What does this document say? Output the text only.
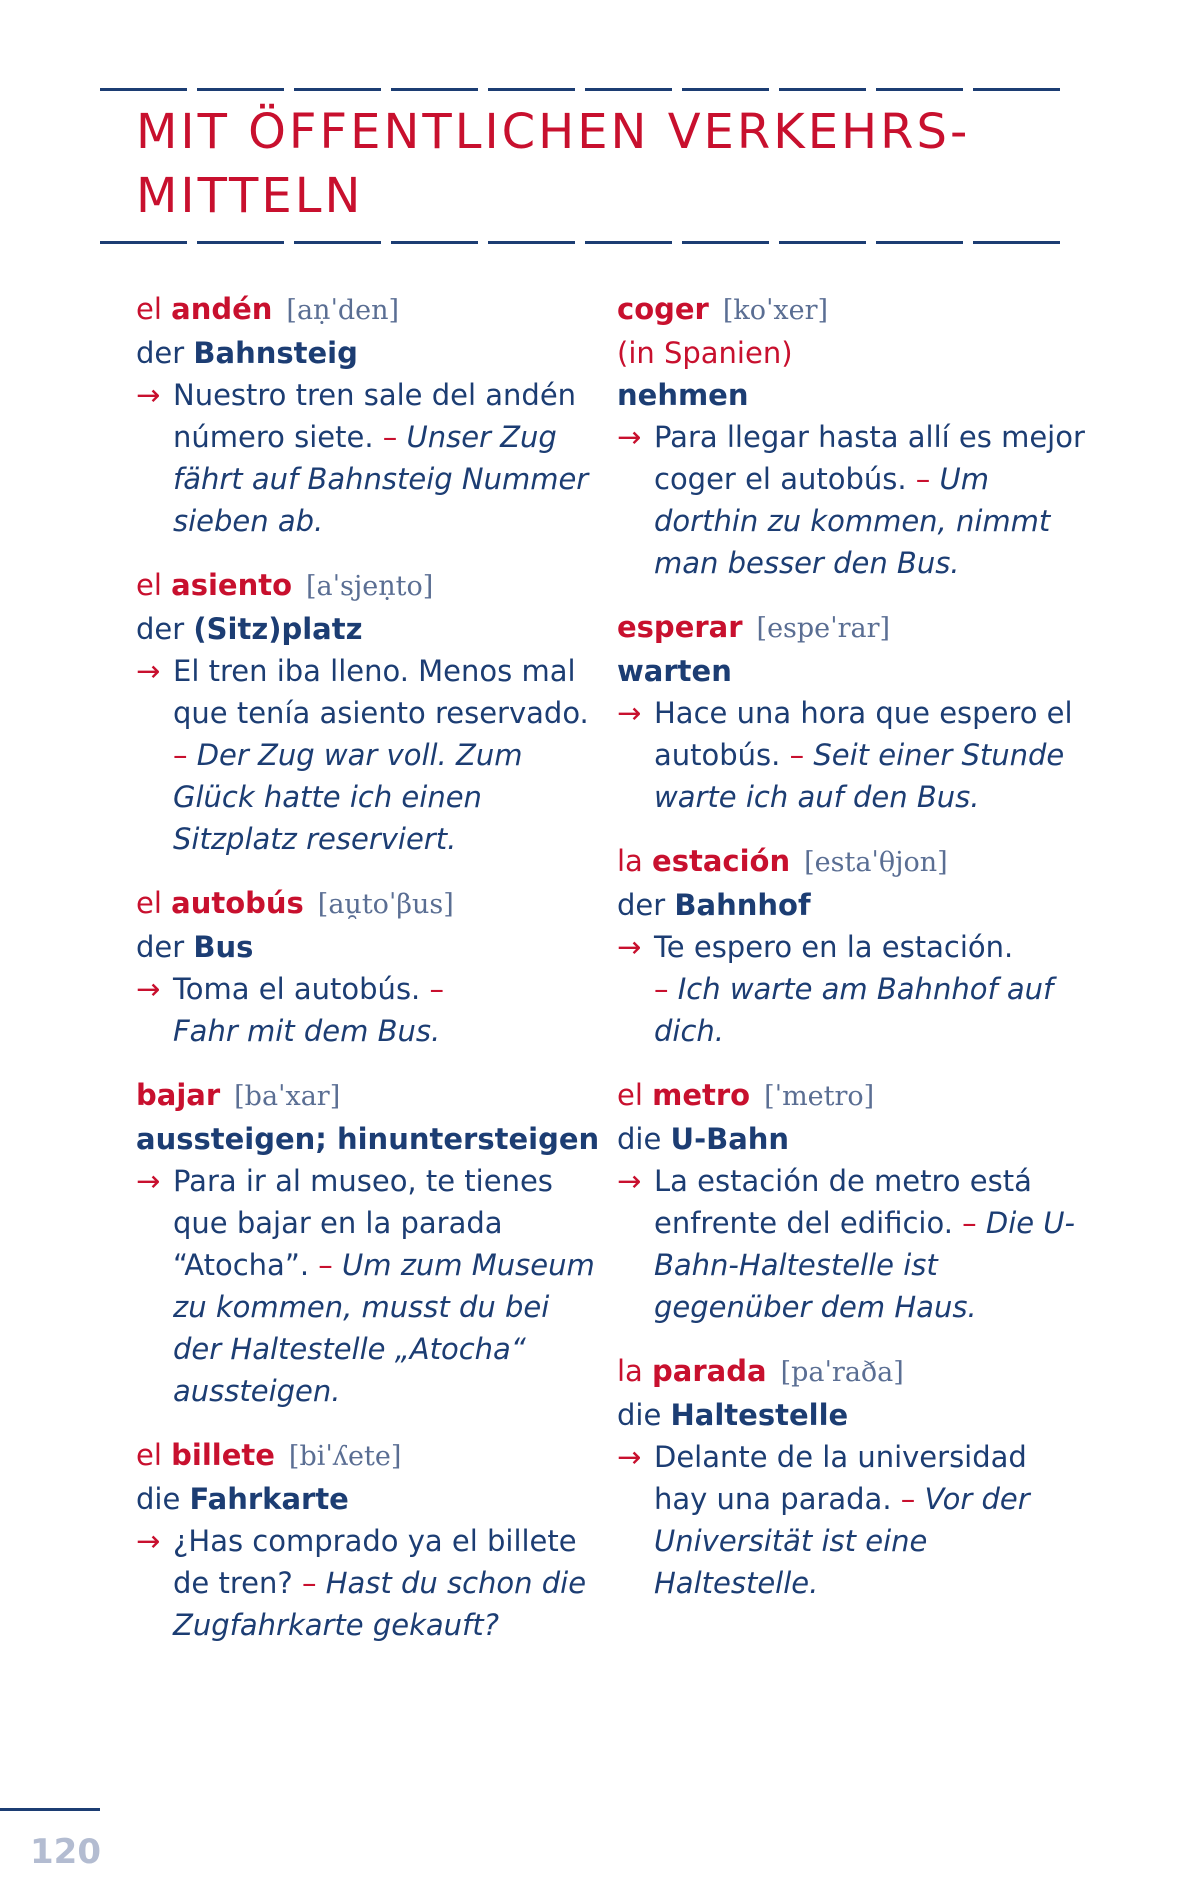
MIT ÖFFENTLICHEN VERKEHRS-
MITTELN
el andén [aṇˈden]
der Bahnsteig
→ Nuestro tren sale del andén número siete. – Unser Zug fährt auf Bahnsteig Nummer sieben ab.
el asiento [aˈsjeṇto]
der (Sitz)platz
→ El tren iba lleno. Menos mal que tenía asiento reservado. – Der Zug war voll. Zum Glück hatte ich einen Sitzplatz reserviert.
el autobús [au̯toˈβus]
der Bus
→ Toma el autobús. –
Fahr mit dem Bus.
bajar [baˈxar]
aussteigen; hinuntersteigen
→ Para ir al museo, te tienes que bajar en la parada “Atocha”. – Um zum Museum zu kommen, musst du bei der Haltestelle „Atocha“ aussteigen.
el billete [biˈʎete]
die Fahrkarte
→ ¿Has comprado ya el billete de tren? – Hast du schon die Zugfahrkarte gekauft?
coger [koˈxer]
(in Spanien)
nehmen
→ Para llegar hasta allí es mejor coger el autobús. – Um dorthin zu kommen, nimmt man besser den Bus.
esperar [espeˈrar]
warten
→ Hace una hora que espero el autobús. – Seit einer Stunde warte ich auf den Bus.
la estación [estaˈθjon]
der Bahnhof
→ Te espero en la estación.
– Ich warte am Bahnhof auf dich.
el metro [ˈmetro]
die U-Bahn
→ La estación de metro está enfrente del edificio. – Die U-Bahn-Haltestelle ist gegenüber dem Haus.
la parada [paˈraða]
die Haltestelle
→ Delante de la universidad hay una parada. – Vor der Universität ist eine Haltestelle.
120
